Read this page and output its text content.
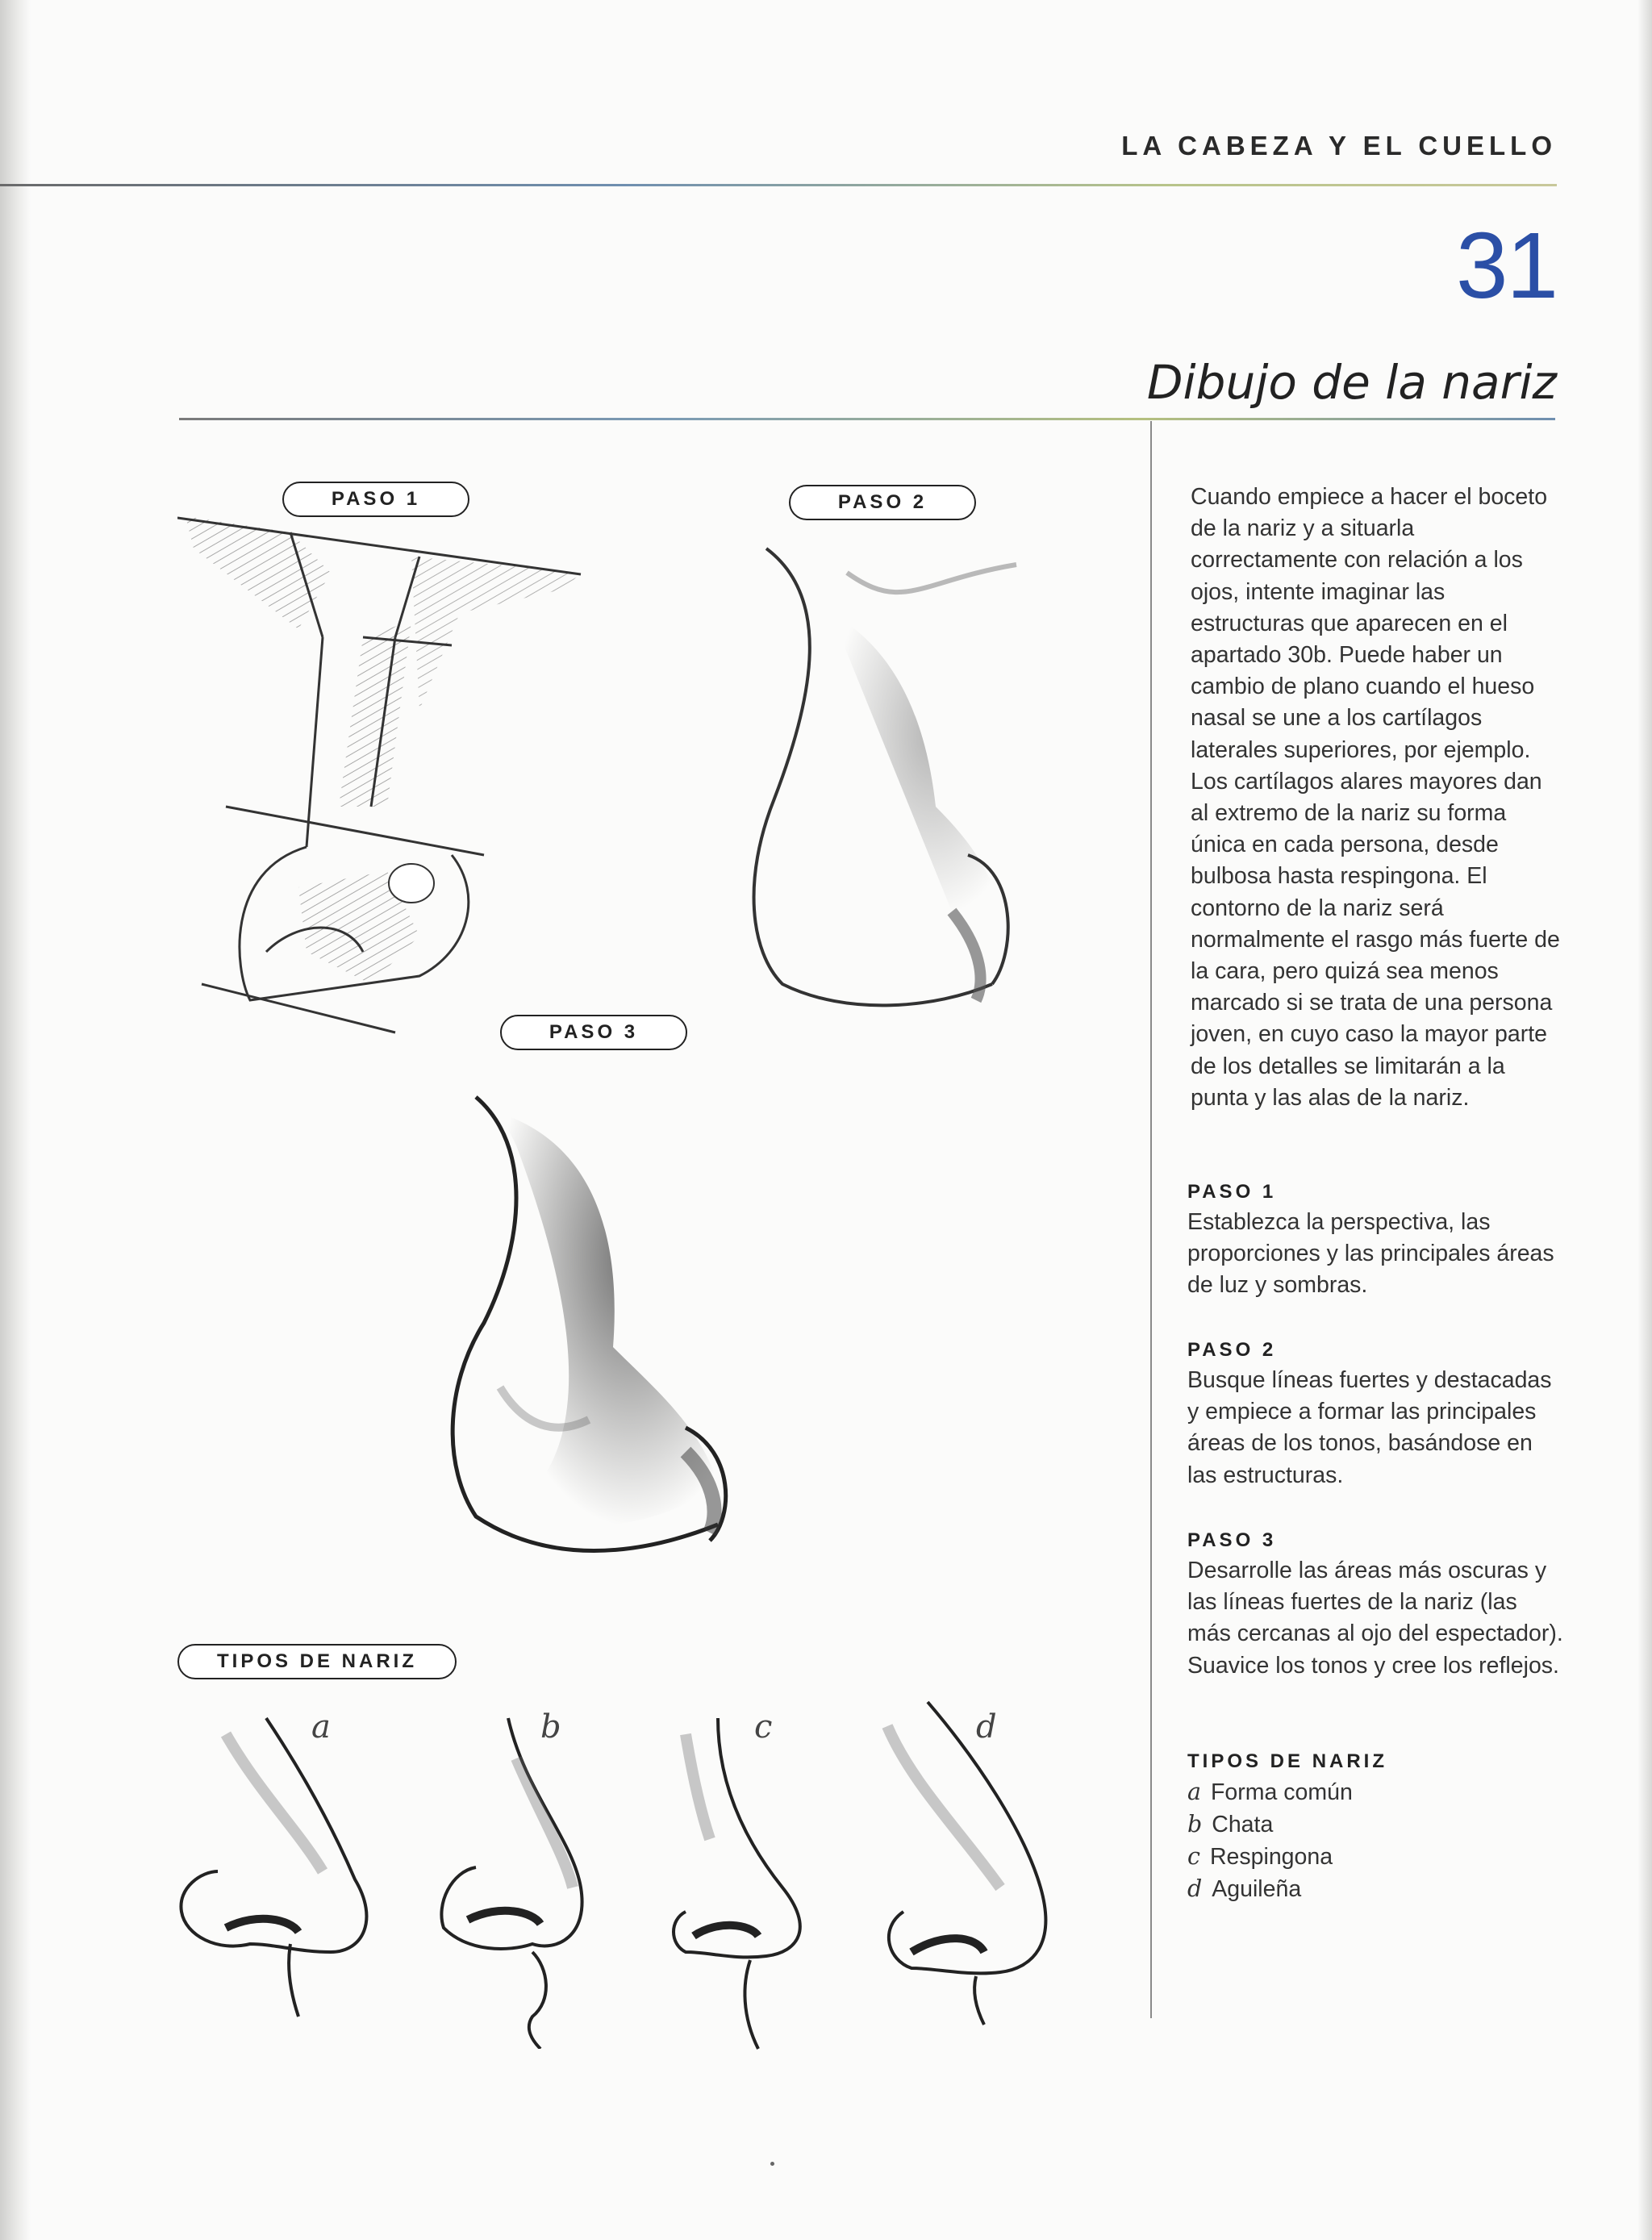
LA CABEZA Y EL CUELLO
31
Dibujo de la nariz
PASO 1	PASO 2
PASO 3
TIPOS DE NARIZ
a	b	c	d
Cuando empiece a hacer el boceto de la nariz y a situarla correctamente con relación a los ojos, intente imaginar las estructuras que aparecen en el apartado 30b. Puede haber un cambio de plano cuando el hueso nasal se une a los cartílagos laterales superiores, por ejemplo. Los cartílagos alares mayores dan al extremo de la nariz su forma única en cada persona, desde bulbosa hasta respingona. El contorno de la nariz será normalmente el rasgo más fuerte de la cara, pero quizá sea menos marcado si se trata de una persona joven, en cuyo caso la mayor parte de los detalles se limitarán a la punta y las alas de la nariz.
PASO 1
Establezca la perspectiva, las proporciones y las principales áreas de luz y sombras.
PASO 2
Busque líneas fuertes y destacadas y empiece a formar las principales áreas de los tonos, basándose en las estructuras.
PASO 3
Desarrolle las áreas más oscuras y las líneas fuertes de la nariz (las más cercanas al ojo del espectador). Suavice los tonos y cree los reflejos.
TIPOS DE NARIZ
a Forma común
b Chata
c Respingona
d Aguileña
